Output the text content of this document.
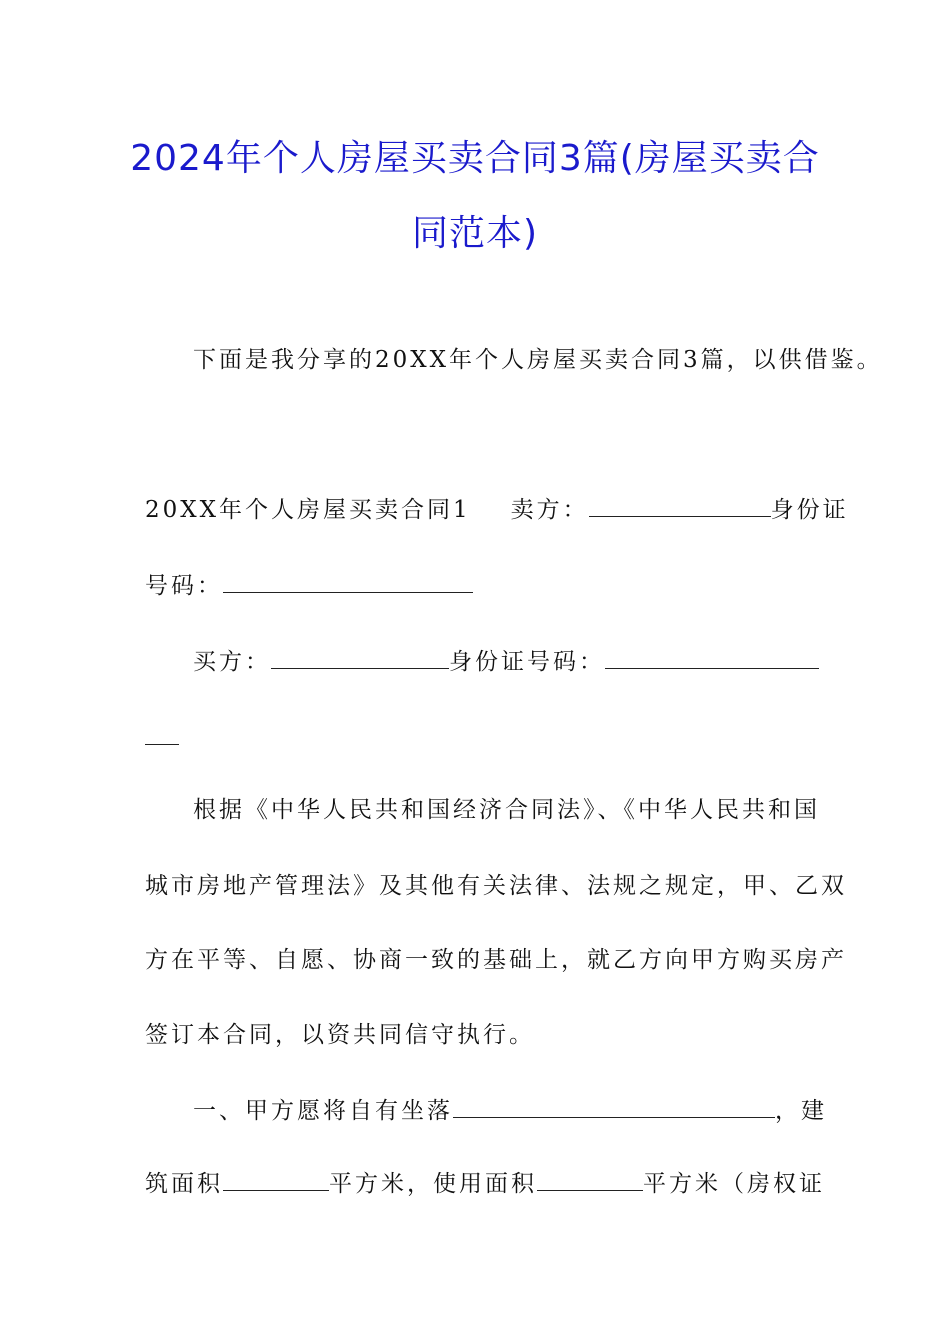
2024年个人房屋买卖合同3篇(房屋买卖合
同范本)
下面是我分享的20XX年个人房屋买卖合同3篇，以供借鉴。
20XX年个人房屋买卖合同1 卖方：	身份证
号码：
买方：	身份证号码：
根据《中华人民共和国经济合同法》、《中华人民共和国
城市房地产管理法》及其他有关法律、法规之规定，甲、乙双
方在平等、自愿、协商一致的基础上，就乙方向甲方购买房产
签订本合同，以资共同信守执行。
一、甲方愿将自有坐落	，建
筑面积	平方米，使用面积	平方米（房权证
